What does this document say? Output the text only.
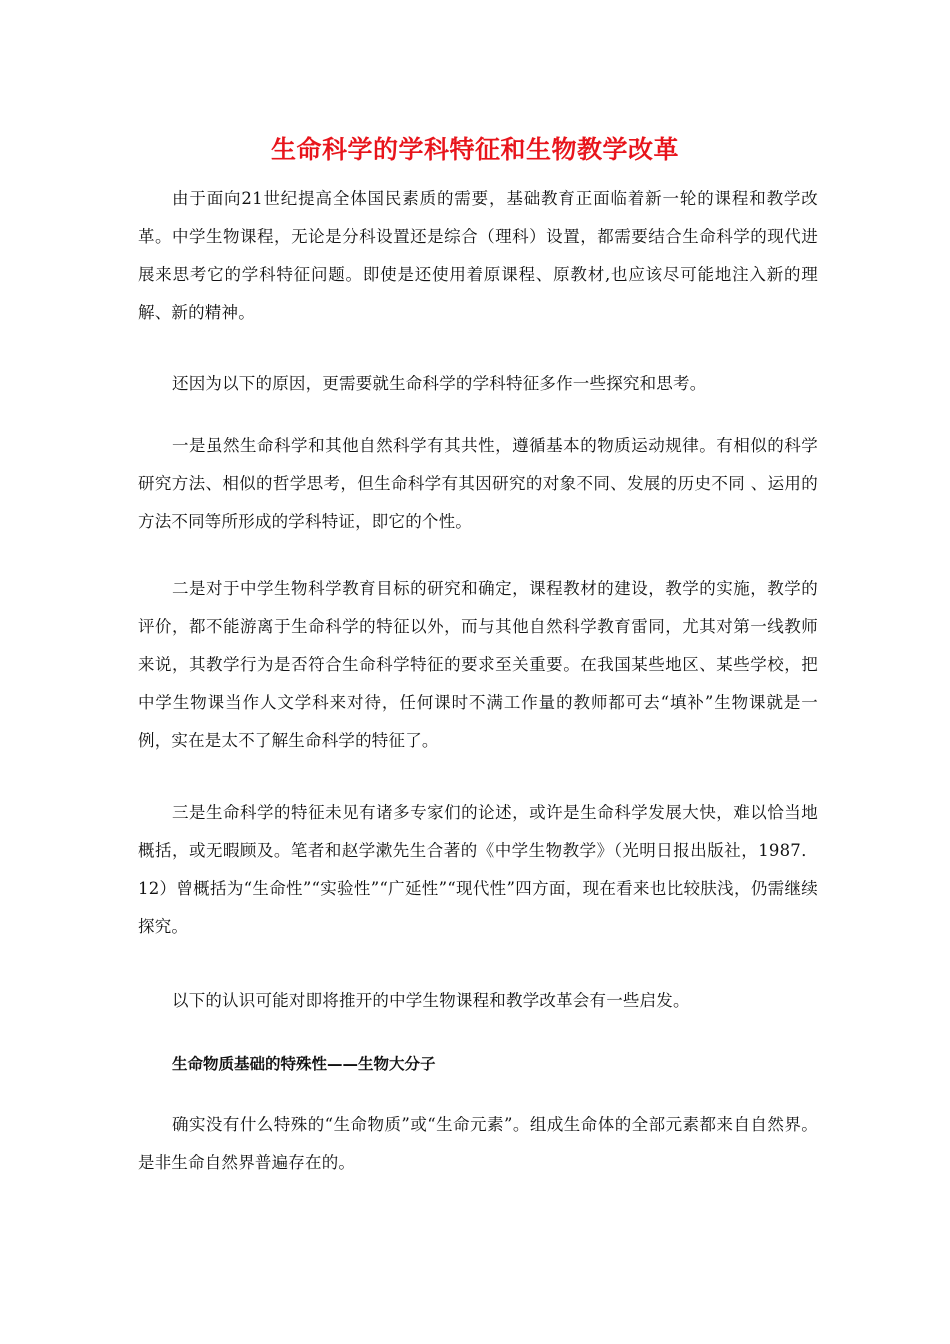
生命科学的学科特征和生物教学改革

由于面向21世纪提高全体国民素质的需要，基础教育正面临着新一轮的课程和教学改革。中学生物课程，无论是分科设置还是综合（理科）设置，都需要结合生命科学的现代进展来思考它的学科特征问题。即使是还使用着原课程、原教材,也应该尽可能地注入新的理解、新的精神。

还因为以下的原因，更需要就生命科学的学科特征多作一些探究和思考。

一是虽然生命科学和其他自然科学有其共性，遵循基本的物质运动规律。有相似的科学研究方法、相似的哲学思考，但生命科学有其因研究的对象不同、发展的历史不同 、运用的方法不同等所形成的学科特证，即它的个性。

二是对于中学生物科学教育目标的研究和确定，课程教材的建设，教学的实施，教学的评价，都不能游离于生命科学的特征以外，而与其他自然科学教育雷同，尤其对第一线教师来说，其教学行为是否符合生命科学特征的要求至关重要。在我国某些地区、某些学校，把中学生物课当作人文学科来对待，任何课时不满工作量的教师都可去“填补”生物课就是一例，实在是太不了解生命科学的特征了。

三是生命科学的特征未见有诸多专家们的论述，或许是生命科学发展大快，难以恰当地概括，或无暇顾及。笔者和赵学漱先生合著的《中学生物教学》（光明日报出版社，1987．12）曾概括为“生命性”“实验性”“广延性”“现代性”四方面，现在看来也比较肤浅，仍需继续探究。

以下的认识可能对即将推开的中学生物课程和教学改革会有一些启发。

生命物质基础的特殊性——生物大分子

确实没有什么特殊的“生命物质”或“生命元素”。组成生命体的全部元素都来自自然界。是非生命自然界普遍存在的。
